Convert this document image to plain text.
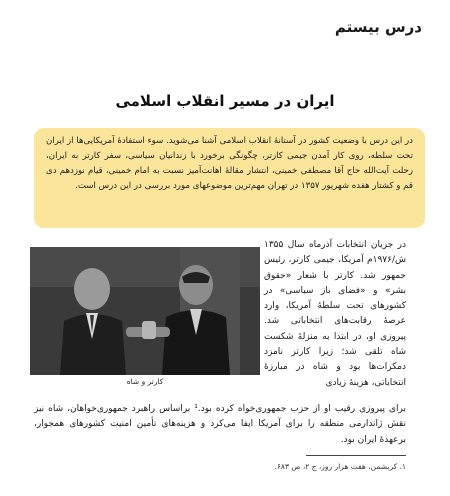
درس بیستم
ایران در مسیر انقلاب اسلامی
در این درس با وضعیت کشور در آستانهٔ انقلاب اسلامی آشنا می‌شوید. سوء استفادهٔ آمریکایی‌ها از ایران تحت سلطه، روی کار آمدن جیمی کارتر، چگونگی برخورد با زندانیان سیاسی، سفر کارتر به ایران، رحلت آیت‌الله حاج آقا مصطفی خمینی، انتشار مقالهٔ اهانت‌آمیز نسبت به امام خمینی، قیام نوزدهم دی قم و کشتار هفده شهریور ۱۳۵۷ در تهران مهم‌ترین موضوعهای مورد بررسی در این درس است.
کارتر و شاه
در جریان انتخابات آذرماه سال ۱۳۵۵ ش/۱۹۷۶م آمریکا، جیمی کارتر، رئیس جمهور شد. کارتر با شعار «حقوق بشر» و «فضای باز سیاسی» در کشورهای تحت سلطهٔ آمریکا، وارد عرصهٔ رقابت‌های انتخاباتی شد. پیروزی او، در ابتدا به منزلهٔ شکست شاه تلقی شد؛ زیرا کارتر نامزد دمکرات‌ها بود و شاه در مبارزهٔ انتخاباتی، هزینهٔ زیادی
برای پیروزی رقیب او از حزب جمهوری‌خواه کرده بود.¹ براساس راهبرد جمهوری‌خواهان، شاه نیز نقش ژاندارمی منطقه را برای آمریکا ایفا می‌کرد و هزینه‌های تأمین امنیت کشورهای همجوار، برعهدهٔ ایران بود.
۱. کریشمن، هفت هزار روز، ج ۲، ص ۶۸۳.
